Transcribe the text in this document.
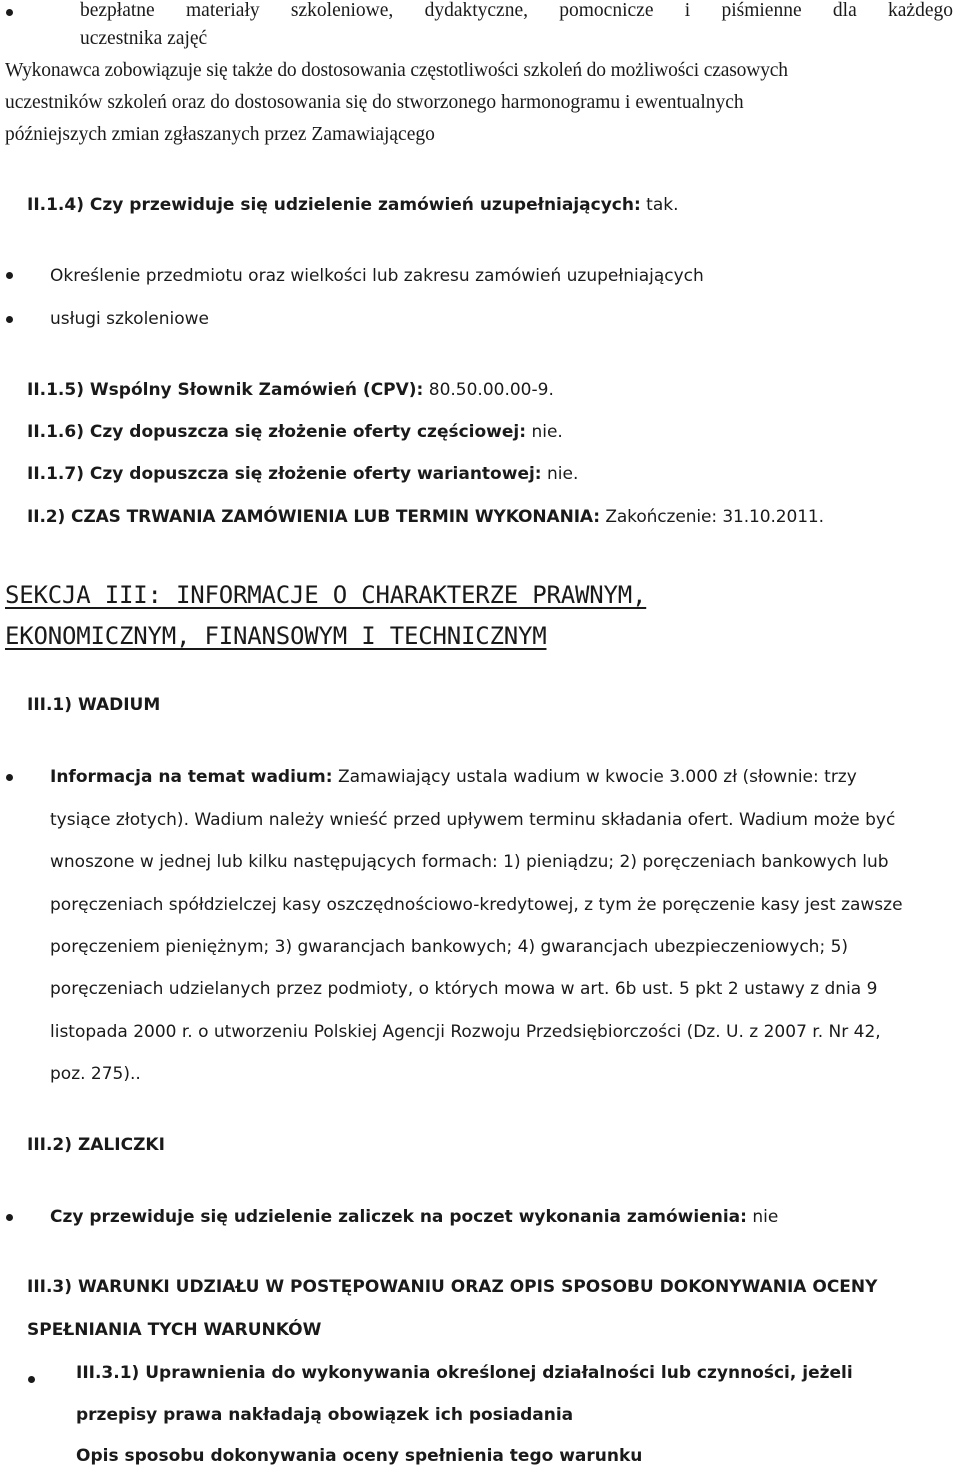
bezpłatne materiały szkoleniowe, dydaktyczne, pomocnicze i piśmienne dla każdego
uczestnika zajęć
Wykonawca zobowiązuje się także do dostosowania częstotliwości szkoleń do możliwości czasowych
uczestników szkoleń oraz do dostosowania się do stworzonego harmonogramu i ewentualnych
późniejszych zmian zgłaszanych przez Zamawiającego
II.1.4) Czy przewiduje się udzielenie zamówień uzupełniających: tak.
Określenie przedmiotu oraz wielkości lub zakresu zamówień uzupełniających
usługi szkoleniowe
II.1.5) Wspólny Słownik Zamówień (CPV): 80.50.00.00-9.
II.1.6) Czy dopuszcza się złożenie oferty częściowej: nie.
II.1.7) Czy dopuszcza się złożenie oferty wariantowej: nie.
II.2) CZAS TRWANIA ZAMÓWIENIA LUB TERMIN WYKONANIA: Zakończenie: 31.10.2011.
SEKCJA III: INFORMACJE O CHARAKTERZE PRAWNYM,
EKONOMICZNYM, FINANSOWYM I TECHNICZNYM
III.1) WADIUM
Informacja na temat wadium: Zamawiający ustala wadium w kwocie 3.000 zł (słownie: trzy
tysiące złotych). Wadium należy wnieść przed upływem terminu składania ofert. Wadium może być
wnoszone w jednej lub kilku następujących formach: 1) pieniądzu; 2) poręczeniach bankowych lub
poręczeniach spółdzielczej kasy oszczędnościowo-kredytowej, z tym że poręczenie kasy jest zawsze
poręczeniem pieniężnym; 3) gwarancjach bankowych; 4) gwarancjach ubezpieczeniowych; 5)
poręczeniach udzielanych przez podmioty, o których mowa w art. 6b ust. 5 pkt 2 ustawy z dnia 9
listopada 2000 r. o utworzeniu Polskiej Agencji Rozwoju Przedsiębiorczości (Dz. U. z 2007 r. Nr 42,
poz. 275)..
III.2) ZALICZKI
Czy przewiduje się udzielenie zaliczek na poczet wykonania zamówienia: nie
III.3) WARUNKI UDZIAŁU W POSTĘPOWANIU ORAZ OPIS SPOSOBU DOKONYWANIA OCENY
SPEŁNIANIA TYCH WARUNKÓW
III.3.1) Uprawnienia do wykonywania określonej działalności lub czynności, jeżeli
przepisy prawa nakładają obowiązek ich posiadania
Opis sposobu dokonywania oceny spełnienia tego warunku
